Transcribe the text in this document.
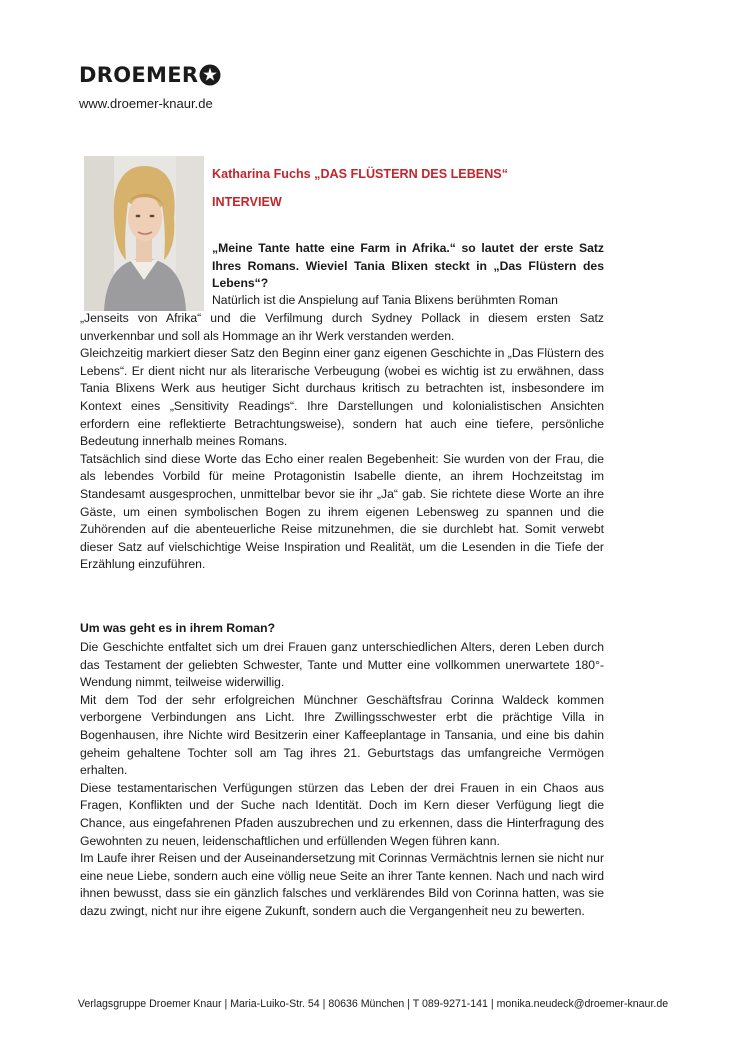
DROEMER
www.droemer-knaur.de
Katharina Fuchs „DAS FLÜSTERN DES LEBENS“
INTERVIEW
„Meine Tante hatte eine Farm in Afrika.“ so lautet der erste Satz Ihres Romans. Wieviel Tania Blixen steckt in „Das Flüstern des Lebens“?
Natürlich ist die Anspielung auf Tania Blixens berühmten Roman

„Jenseits von Afrika“ und die Verfilmung durch Sydney Pollack in diesem ersten Satz unverkennbar und soll als Hommage an ihr Werk verstanden werden.

Gleichzeitig markiert dieser Satz den Beginn einer ganz eigenen Geschichte in „Das Flüstern des Lebens“. Er dient nicht nur als literarische Verbeugung (wobei es wichtig ist zu erwähnen, dass Tania Blixens Werk aus heutiger Sicht durchaus kritisch zu betrachten ist, insbesondere im Kontext eines „Sensitivity Readings“. Ihre Darstellungen und kolonialistischen Ansichten erfordern eine reflektierte Betrachtungsweise), sondern hat auch eine tiefere, persönliche Bedeutung innerhalb meines Romans.

Tatsächlich sind diese Worte das Echo einer realen Begebenheit: Sie wurden von der Frau, die als lebendes Vorbild für meine Protagonistin Isabelle diente, an ihrem Hochzeitstag im Standesamt ausgesprochen, unmittelbar bevor sie ihr „Ja“ gab. Sie richtete diese Worte an ihre Gäste, um einen symbolischen Bogen zu ihrem eigenen Lebensweg zu spannen und die Zuhörenden auf die abenteuerliche Reise mitzunehmen, die sie durchlebt hat. Somit verwebt dieser Satz auf vielschichtige Weise Inspiration und Realität, um die Lesenden in die Tiefe der Erzählung einzuführen.

Um was geht es in ihrem Roman?

Die Geschichte entfaltet sich um drei Frauen ganz unterschiedlichen Alters, deren Leben durch das Testament der geliebten Schwester, Tante und Mutter eine vollkommen unerwartete 180°-Wendung nimmt, teilweise widerwillig.

Mit dem Tod der sehr erfolgreichen Münchner Geschäftsfrau Corinna Waldeck kommen verborgene Verbindungen ans Licht. Ihre Zwillingsschwester erbt die prächtige Villa in Bogenhausen, ihre Nichte wird Besitzerin einer Kaffeeplantage in Tansania, und eine bis dahin geheim gehaltene Tochter soll am Tag ihres 21. Geburtstags das umfangreiche Vermögen erhalten.

Diese testamentarischen Verfügungen stürzen das Leben der drei Frauen in ein Chaos aus Fragen, Konflikten und der Suche nach Identität. Doch im Kern dieser Verfügung liegt die Chance, aus eingefahrenen Pfaden auszubrechen und zu erkennen, dass die Hinterfragung des Gewohnten zu neuen, leidenschaftlichen und erfüllenden Wegen führen kann.

Im Laufe ihrer Reisen und der Auseinandersetzung mit Corinnas Vermächtnis lernen sie nicht nur eine neue Liebe, sondern auch eine völlig neue Seite an ihrer Tante kennen. Nach und nach wird ihnen bewusst, dass sie ein gänzlich falsches und verklärendes Bild von Corinna hatten, was sie dazu zwingt, nicht nur ihre eigene Zukunft, sondern auch die Vergangenheit neu zu bewerten.

Verlagsgruppe Droemer Knaur | Maria-Luiko-Str. 54 | 80636 München | T 089-9271-141 | monika.neudeck@droemer-knaur.de
